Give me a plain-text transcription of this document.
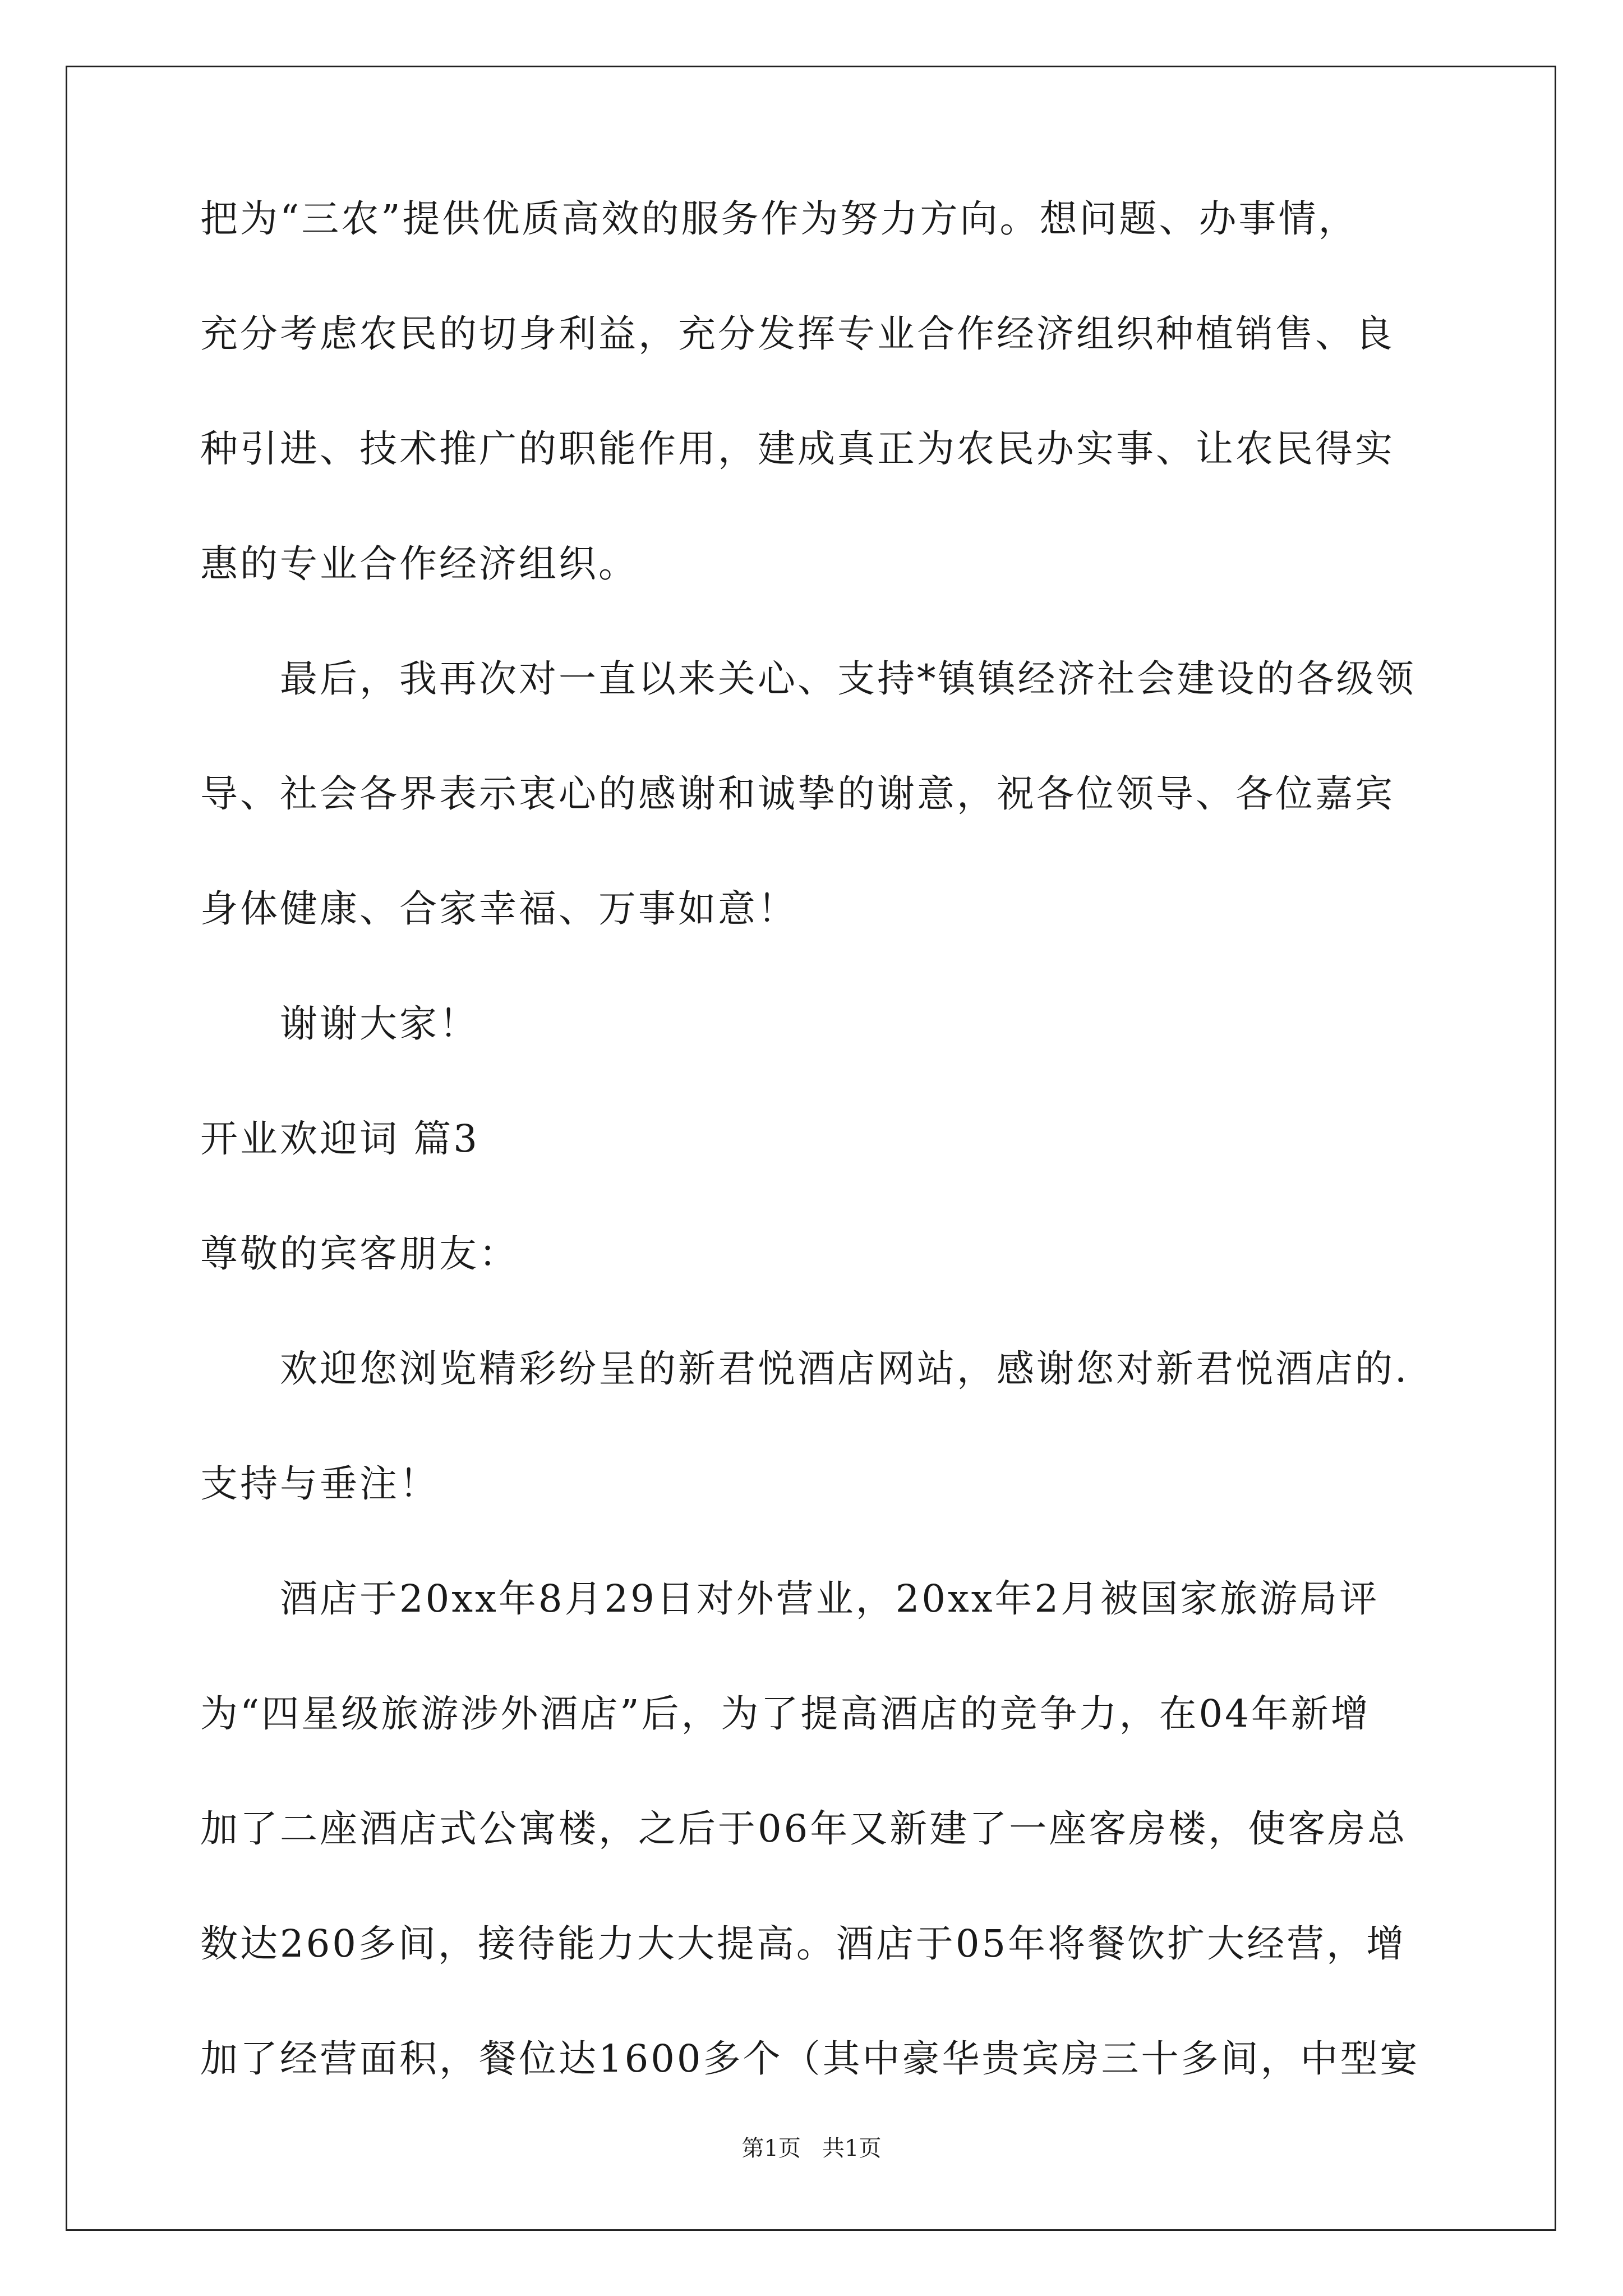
把为“三农”提供优质高效的服务作为努力方向。想问题、办事情，
充分考虑农民的切身利益，充分发挥专业合作经济组织种植销售、良
种引进、技术推广的职能作用，建成真正为农民办实事、让农民得实
惠的专业合作经济组织。
最后，我再次对一直以来关心、支持*镇镇经济社会建设的各级领
导、社会各界表示衷心的感谢和诚挚的谢意，祝各位领导、各位嘉宾
身体健康、合家幸福、万事如意！
谢谢大家！
开业欢迎词 篇3
尊敬的宾客朋友：
欢迎您浏览精彩纷呈的新君悦酒店网站，感谢您对新君悦酒店的.
支持与垂注！
酒店于20xx年8月29日对外营业，20xx年2月被国家旅游局评
为“四星级旅游涉外酒店”后，为了提高酒店的竞争力，在04年新增
加了二座酒店式公寓楼，之后于06年又新建了一座客房楼，使客房总
数达260多间，接待能力大大提高。酒店于05年将餐饮扩大经营，增
加了经营面积，餐位达1600多个（其中豪华贵宾房三十多间，中型宴
第1页   共1页
